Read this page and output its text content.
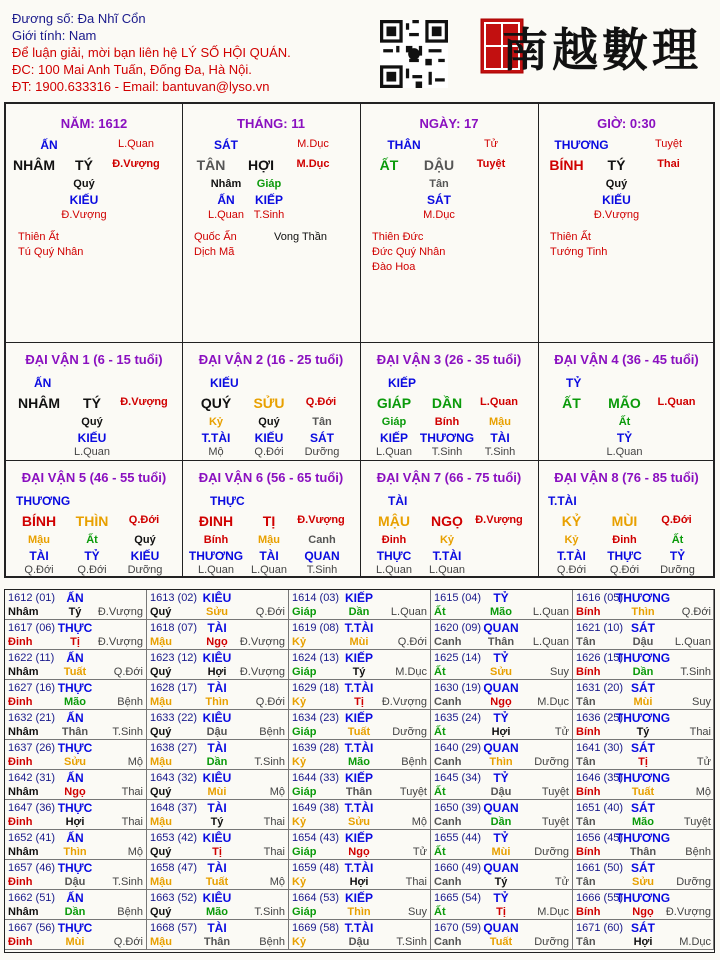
Đương số: Đa Nhĩ Cổn
Giới tính: Nam
Để luận giải, mời bạn liên hệ LÝ SỐ HỘI QUÁN.
ĐC: 100 Mai Anh Tuấn, Đống Đa, Hà Nội.
ĐT: 1900.633316 - Email: bantuvan@lyso.vn
南越數理
NĂM: 1612
ẤN	L.Quan
NHÂM TÝ Đ.Vượng
Quý
KIẾU
Đ.Vượng
Thiên Ất
Tú Quý Nhân
THÁNG: 11
SÁT	M.Dục
TÂN HỢI M.Dục
Nhâm
ẤN
L.Quan
Giáp
KIẾP
T.Sinh
Quốc Ấn
Dịch Mã
Vong Thần
NGÀY: 17
THÂN	Tử
ẤT DẬU Tuyệt
Tân
SÁT
M.Dục
Thiên Đức
Đức Quý Nhân
Đào Hoa
GIỜ: 0:30
THƯƠNG	Tuyệt
BÍNH TÝ	Thai
Quý
KIẾU
Đ.Vượng
Thiên Ất
Tướng Tinh
ĐẠI VẬN 1 (6 - 15 tuổi)
ẤN
NHÂM TÝ Đ.Vượng
Quý
KIẾU
L.Quan
ĐẠI VẬN 2 (16 - 25 tuổi)
KIẾU
QUÝ SỬU Q.Đới
Kỷ
T.TÀI
Mộ
Quý
KIẾU
Q.Đới
Tân
SÁT
Dưỡng
ĐẠI VẬN 3 (26 - 35 tuổi)
KIẾP
GIÁP DẦN L.Quan
Giáp
KIẾP
L.Quan
Bính
THƯƠNG
T.Sinh
Mậu
TÀI
T.Sinh
ĐẠI VẬN 4 (36 - 45 tuổi)
TỶ
ẤT MÃO L.Quan
Ất
TỶ
L.Quan
ĐẠI VẬN 5 (46 - 55 tuổi)
THƯƠNG
BÍNH THÌN Q.Đới
Mậu
TÀI
Q.Đới
Ất
TỶ
Q.Đới
Quý
KIẾU
Dưỡng
ĐẠI VẬN 6 (56 - 65 tuổi)
THỰC
ĐINH TỊ Đ.Vượng
Bính
THƯƠNG
L.Quan
Mậu
TÀI
L.Quan
Canh
QUAN
T.Sinh
ĐẠI VẬN 7 (66 - 75 tuổi)
TÀI
MẬU NGỌ Đ.Vượng
Đinh
THỰC
L.Quan
Kỷ
T.TÀI
L.Quan
ĐẠI VẬN 8 (76 - 85 tuổi)
T.TÀI
KỶ MÙI Q.Đới
Kỷ
T.TÀI
Q.Đới
Đinh
THỰC
Q.Đới
Ất
TỶ
Dưỡng
1612 (01) ẤN
Nhâm	Tý Đ.Vượng
1613 (02) KIÊU
Quý	Sửu	Q.Đới
1614 (03) KIẾP
Giáp	Dần L.Quan
1615 (04) TỶ
Ất	Mão L.Quan
1616 (05)
THƯƠNG
Bính	Thìn Q.Đới
1617 (06) THỰC
Đinh	Tị Đ.Vượng
1618 (07) TÀI
Mậu	Ngọ Đ.Vượng
1619 (08) T.TÀI
Kỷ	Mùi	Q.Đới
1620 (09) QUAN
Canh Thân L.Quan
1621 (10) SÁT
Tân	Dậu L.Quan
1622 (11) ẤN
Nhâm Tuất	Q.Đới
1623 (12) KIÊU
Quý	Hợi Đ.Vượng
1624 (13) KIẾP
Giáp	Tý	M.Dục
1625 (14) TỶ
Ất	Sửu	Suy
1626 (15)
THƯƠNG
Bính	Dần T.Sinh
1627 (16) THỰC
Đinh	Mão	Bệnh
1628 (17) TÀI
Mậu	Thìn Q.Đới
1629 (18) T.TÀI
Kỷ	Tị Đ.Vượng
1630 (19) QUAN
Canh	Ngọ M.Dục
1631 (20) SÁT
Tân	Mùi	Suy
1632 (21) ẤN
Nhâm Thân T.Sinh
1633 (22) KIÊU
Quý	Dậu	Bệnh
1634 (23) KIẾP
Giáp	Tuất Dưỡng
1635 (24) TỶ
Ất	Hợi	Tử
1636 (25)
THƯƠNG
Bính	Tý	Thai
1637 (26) THỰC
Đinh	Sửu	Mộ
1638 (27) TÀI
Mậu	Dần T.Sinh
1639 (28) T.TÀI
Kỷ	Mão	Bệnh
1640 (29) QUAN
Canh	Thìn Dưỡng
1641 (30) SÁT
Tân	Tị	Tử
1642 (31) ẤN
Nhâm Ngọ	Thai
1643 (32) KIÊU
Quý	Mùi	Mộ
1644 (33) KIẾP
Giáp	Thân	Tuyệt
1645 (34) TỶ
Ất	Dậu	Tuyệt
1646 (35)
THƯƠNG
Bính	Tuất	Mộ
1647 (36) THỰC
Đinh	Hợi	Thai
1648 (37) TÀI
Mậu	Tý	Thai
1649 (38) T.TÀI
Kỷ	Sửu	Mộ
1650 (39) QUAN
Canh	Dần	Tuyệt
1651 (40) SÁT
Tân	Mão	Tuyệt
1652 (41) ẤN
Nhâm Thìn	Mộ
1653 (42) KIÊU
Quý	Tị	Thai
1654 (43) KIẾP
Giáp	Ngọ	Tử
1655 (44) TỶ
Ất	Mùi Dưỡng
1656 (45)
THƯƠNG
Bính	Thân	Bệnh
1657 (46) THỰC
Đinh	Dậu T.Sinh
1658 (47) TÀI
Mậu	Tuất	Mộ
1659 (48) T.TÀI
Kỷ	Hợi	Thai
1660 (49) QUAN
Canh	Tý	Tử
1661 (50) SÁT
Tân	Sửu Dưỡng
1662 (51) ẤN
Nhâm Dần	Bệnh
1663 (52) KIÊU
Quý	Mão T.Sinh
1664 (53) KIẾP
Giáp	Thìn	Suy
1665 (54) TỶ
Ất	Tị	M.Dục
1666 (55)
THƯƠNG
Bính	Ngọ Đ.Vượng
1667 (56) THỰC
Đinh	Mùi	Q.Đới
1668 (57) TÀI
Mậu	Thân	Bệnh
1669 (58) T.TÀI
Kỷ	Dậu T.Sinh
1670 (59) QUAN
Canh	Tuất Dưỡng
1671 (60) SÁT
Tân	Hợi M.Dục
